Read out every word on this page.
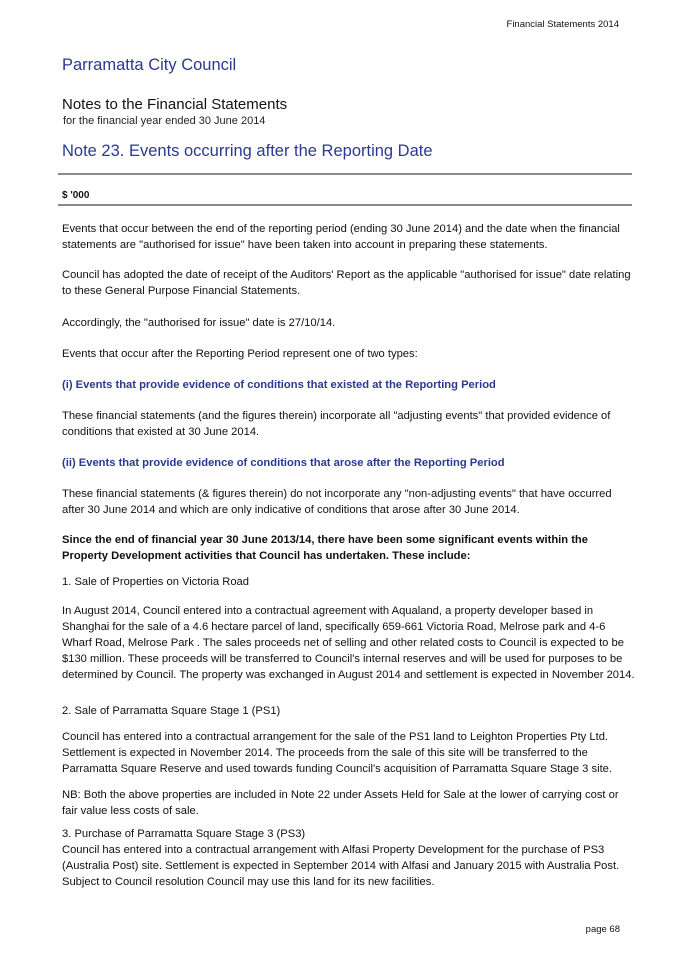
Financial Statements 2014
Parramatta City Council
Notes to the Financial Statements
for the financial year ended 30 June 2014
Note 23. Events occurring after the Reporting Date
$ '000
Events that occur between the end of the reporting period (ending 30 June 2014) and the date when the financial statements are "authorised for issue" have been taken into account in preparing these statements.
Council has adopted the date of receipt of the Auditors' Report as the applicable "authorised for issue" date relating to these General Purpose Financial Statements.
Accordingly, the "authorised for issue" date is 27/10/14.
Events that occur after the Reporting Period represent one of two types:
(i) Events that provide evidence of conditions that existed at the Reporting Period
These financial statements (and the figures therein) incorporate all "adjusting events" that provided evidence of conditions that existed at 30 June 2014.
(ii) Events that provide evidence of conditions that arose after the Reporting Period
These financial statements (& figures therein) do not incorporate any "non-adjusting events" that have occurred after 30 June 2014 and which are only indicative of conditions that arose after 30 June 2014.
Since the end of financial year 30 June 2013/14, there have been some significant events within the Property Development activities that Council has undertaken. These include:
1. Sale of Properties on Victoria Road
In August 2014, Council entered into a contractual agreement with Aqualand, a property developer based in Shanghai for the sale of a 4.6 hectare parcel of land, specifically 659-661 Victoria Road, Melrose park and 4-6 Wharf Road, Melrose Park . The sales proceeds net of selling and other related costs to Council is expected to be $130 million. These proceeds will be transferred to Council's internal reserves and will be used for purposes to be determined by Council. The property was exchanged in August 2014 and settlement is expected in November 2014.
2. Sale of Parramatta Square Stage 1 (PS1)
Council has entered into a contractual arrangement for the sale of the PS1 land to Leighton Properties Pty Ltd. Settlement is expected in November 2014. The proceeds from the sale of this site will be transferred to the Parramatta Square Reserve and used towards funding Council's acquisition of Parramatta Square Stage 3 site.
NB: Both the above properties are included in Note 22 under Assets Held for Sale at the lower of carrying cost or fair value less costs of sale.
3. Purchase of Parramatta Square Stage 3 (PS3)
Council has entered into a contractual arrangement with Alfasi Property Development for the purchase of PS3 (Australia Post) site. Settlement is expected in September 2014 with Alfasi and January 2015 with Australia Post. Subject to Council resolution Council may use this land for its new facilities.
page 68
